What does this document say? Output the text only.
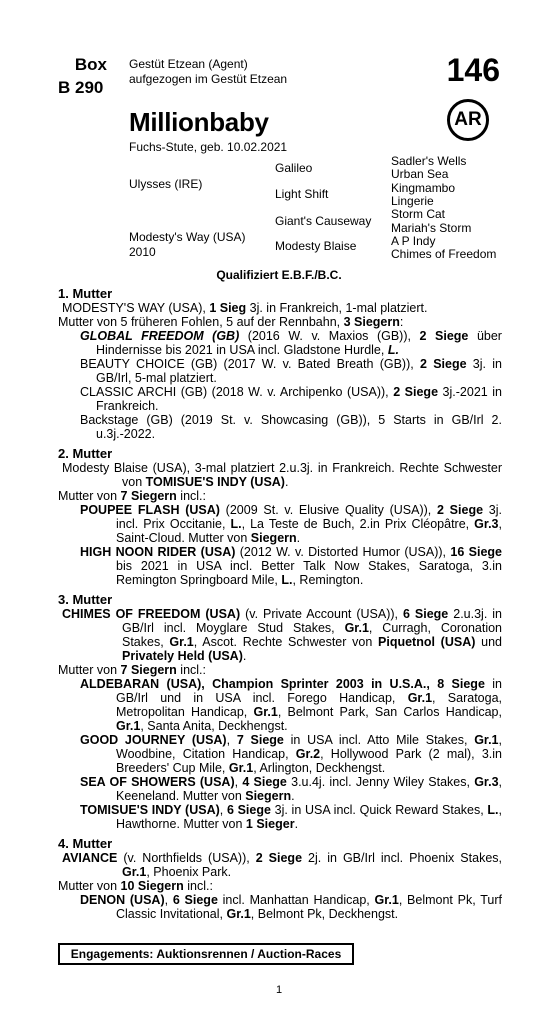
Box
B 290
Gestüt Etzean (Agent)
aufgezogen im Gestüt Etzean	146
AR
Millionbaby
Fuchs-Stute, geb. 10.02.2021
Ulysses (IRE)
Modesty's Way (USA)
2010
Galileo
Light Shift
Giant's Causeway
Modesty Blaise
Sadler's Wells
Urban Sea
Kingmambo
Lingerie
Storm Cat
Mariah's Storm
A P Indy
Chimes of Freedom
Qualifiziert E.B.F./B.C.
1. Mutter
MODESTY'S WAY (USA), 1 Sieg 3j. in Frankreich, 1-mal platziert.
Mutter von 5 früheren Fohlen, 5 auf der Rennbahn, 3 Siegern:
GLOBAL FREEDOM (GB) (2016 W. v. Maxios (GB)), 2 Siege über Hindernisse bis 2021 in USA incl. Gladstone Hurdle, L.
BEAUTY CHOICE (GB) (2017 W. v. Bated Breath (GB)), 2 Siege 3j. in GB/Irl, 5-mal platziert.
CLASSIC ARCHI (GB) (2018 W. v. Archipenko (USA)), 2 Siege 3j.-2021 in Frankreich.
Backstage (GB) (2019 St. v. Showcasing (GB)), 5 Starts in GB/Irl 2. u.3j.-2022.
2. Mutter
Modesty Blaise (USA), 3-mal platziert 2.u.3j. in Frankreich. Rechte Schwester von TOMISUE'S INDY (USA).
Mutter von 7 Siegern incl.:
POUPEE FLASH (USA) (2009 St. v. Elusive Quality (USA)), 2 Siege 3j. incl. Prix Occitanie, L., La Teste de Buch, 2.in Prix Cléopâtre, Gr.3, Saint-Cloud. Mutter von Siegern.
HIGH NOON RIDER (USA) (2012 W. v. Distorted Humor (USA)), 16 Siege bis 2021 in USA incl. Better Talk Now Stakes, Saratoga, 3.in Remington Springboard Mile, L., Remington.
3. Mutter
CHIMES OF FREEDOM (USA) (v. Private Account (USA)), 6 Siege 2.u.3j. in GB/Irl incl. Moyglare Stud Stakes, Gr.1, Curragh, Coronation Stakes, Gr.1, Ascot. Rechte Schwester von Piquetnol (USA) und Privately Held (USA).
Mutter von 7 Siegern incl.:
ALDEBARAN (USA), Champion Sprinter 2003 in U.S.A., 8 Siege in GB/Irl und in USA incl. Forego Handicap, Gr.1, Saratoga, Metropolitan Handicap, Gr.1, Belmont Park, San Carlos Handicap, Gr.1, Santa Anita, Deckhengst.
GOOD JOURNEY (USA), 7 Siege in USA incl. Atto Mile Stakes, Gr.1, Woodbine, Citation Handicap, Gr.2, Hollywood Park (2 mal), 3.in Breeders' Cup Mile, Gr.1, Arlington, Deckhengst.
SEA OF SHOWERS (USA), 4 Siege 3.u.4j. incl. Jenny Wiley Stakes, Gr.3, Keeneland. Mutter von Siegern.
TOMISUE'S INDY (USA), 6 Siege 3j. in USA incl. Quick Reward Stakes, L., Hawthorne. Mutter von 1 Sieger.
4. Mutter
AVIANCE (v. Northfields (USA)), 2 Siege 2j. in GB/Irl incl. Phoenix Stakes, Gr.1, Phoenix Park.
Mutter von 10 Siegern incl.:
DENON (USA), 6 Siege incl. Manhattan Handicap, Gr.1, Belmont Pk, Turf Classic Invitational, Gr.1, Belmont Pk, Deckhengst.
Engagements: Auktionsrennen / Auction-Races
1
